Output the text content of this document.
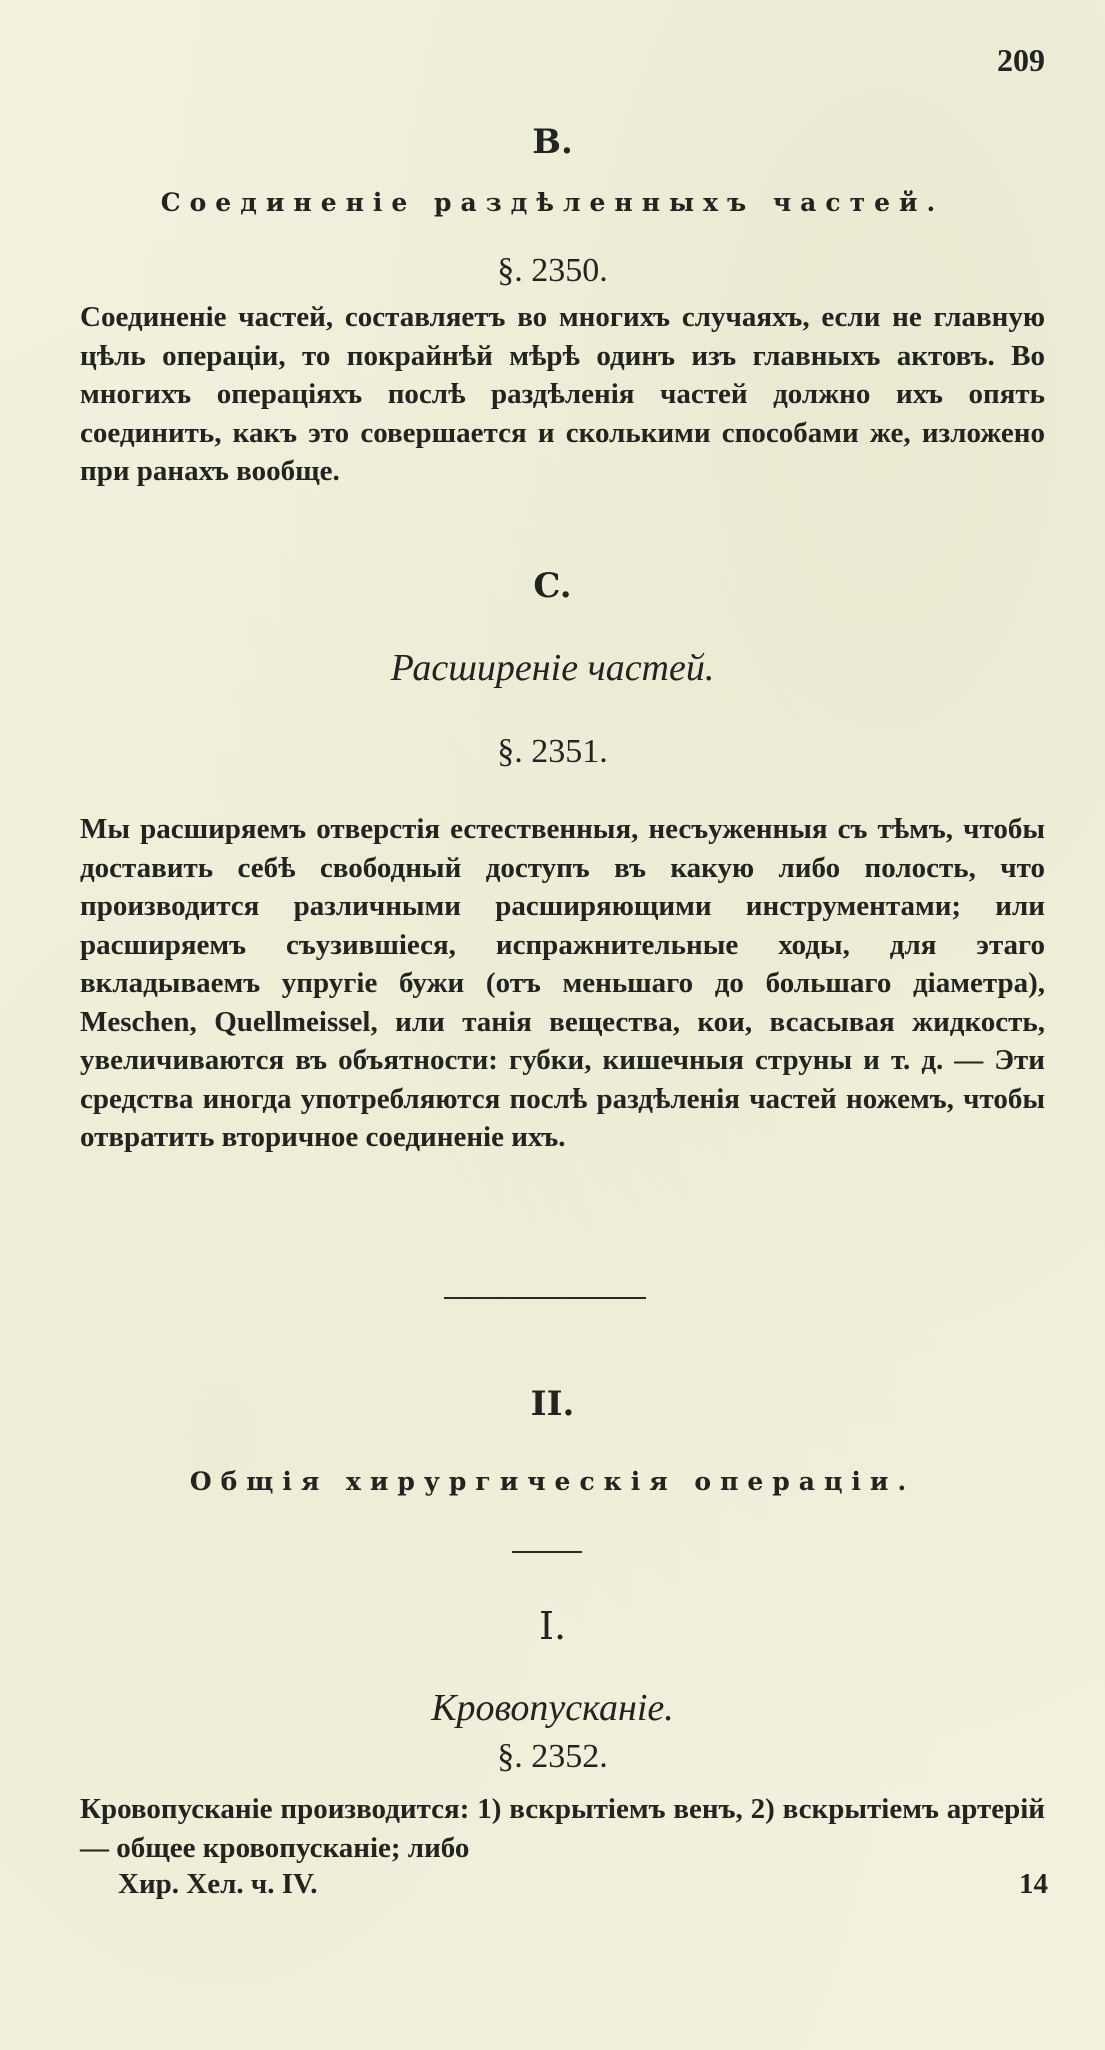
209
B.
Соединеніе раздѣленныхъ частей.
§. 2350.

Соединеніе частей, составляетъ во многихъ случаяхъ, если не главную цѣль операціи, то покрайнѣй мѣрѣ одинъ изъ главныхъ актовъ. Во многихъ операціяхъ послѣ раздѣленія частей должно ихъ опять соединить, какъ это совершается и сколькими способами же, изложено при ранахъ вообще.

C.
Расширеніе частей.
§. 2351.

Мы расширяемъ отверстія естественныя, несъуженныя съ тѣмъ, чтобы доставить себѣ свободный доступъ въ какую либо полость, что производится различными расширяющими инструментами; или расширяемъ съузившіеся, испражнительные ходы, для этаго вкладываемъ упругіе бужи (отъ меньшаго до большаго діаметра), Meschen, Quellmeissel, или танія вещества, кои, всасывая жидкость, увеличиваются въ объятности: губки, кишечныя струны и т. д. — Эти средства иногда употребляются послѣ раздѣленія частей ножемъ, чтобы отвратить вторичное соединеніе ихъ.

II.
Общія хирургическія операціи.
I.
Кровопусканіе.
§. 2352.

Кровопусканіе производится: 1) вскрытіемъ венъ, 2) вскрытіемъ артерій — общее кровопусканіе; либо

Хир. Хел. ч. IV.	14
